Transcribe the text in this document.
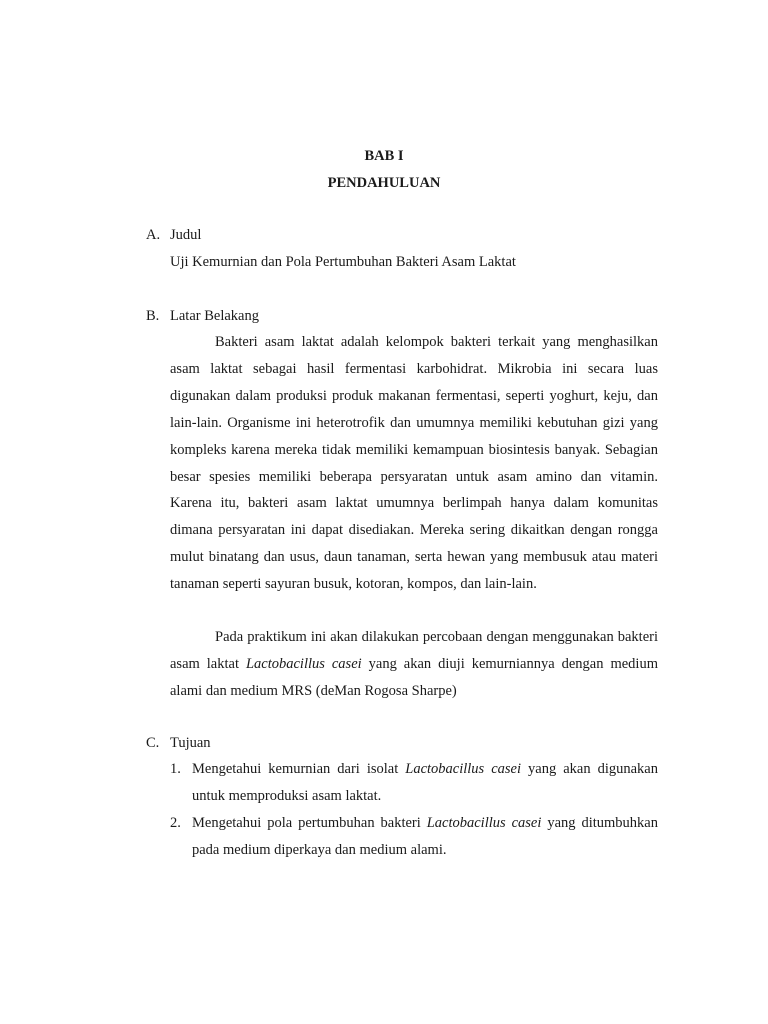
BAB I
PENDAHULUAN
A. Judul
Uji Kemurnian dan Pola Pertumbuhan Bakteri Asam Laktat
B. Latar Belakang

Bakteri asam laktat adalah kelompok bakteri terkait yang menghasilkan asam laktat sebagai hasil fermentasi karbohidrat. Mikrobia ini secara luas digunakan dalam produksi produk makanan fermentasi, seperti yoghurt, keju, dan lain-lain. Organisme ini heterotrofik dan umumnya memiliki kebutuhan gizi yang kompleks karena mereka tidak memiliki kemampuan biosintesis banyak. Sebagian besar spesies memiliki beberapa persyaratan untuk asam amino dan vitamin. Karena itu, bakteri asam laktat umumnya berlimpah hanya dalam komunitas dimana persyaratan ini dapat disediakan. Mereka sering dikaitkan dengan rongga mulut binatang dan usus, daun tanaman, serta hewan yang membusuk atau materi tanaman seperti sayuran busuk, kotoran, kompos, dan lain-lain.

Pada praktikum ini akan dilakukan percobaan dengan menggunakan bakteri asam laktat Lactobacillus casei yang akan diuji kemurniannya dengan medium alami dan medium MRS (deMan Rogosa Sharpe)

C. Tujuan
1. Mengetahui kemurnian dari isolat Lactobacillus casei yang akan digunakan untuk memproduksi asam laktat.
2. Mengetahui pola pertumbuhan bakteri Lactobacillus casei yang ditumbuhkan pada medium diperkaya dan medium alami.
